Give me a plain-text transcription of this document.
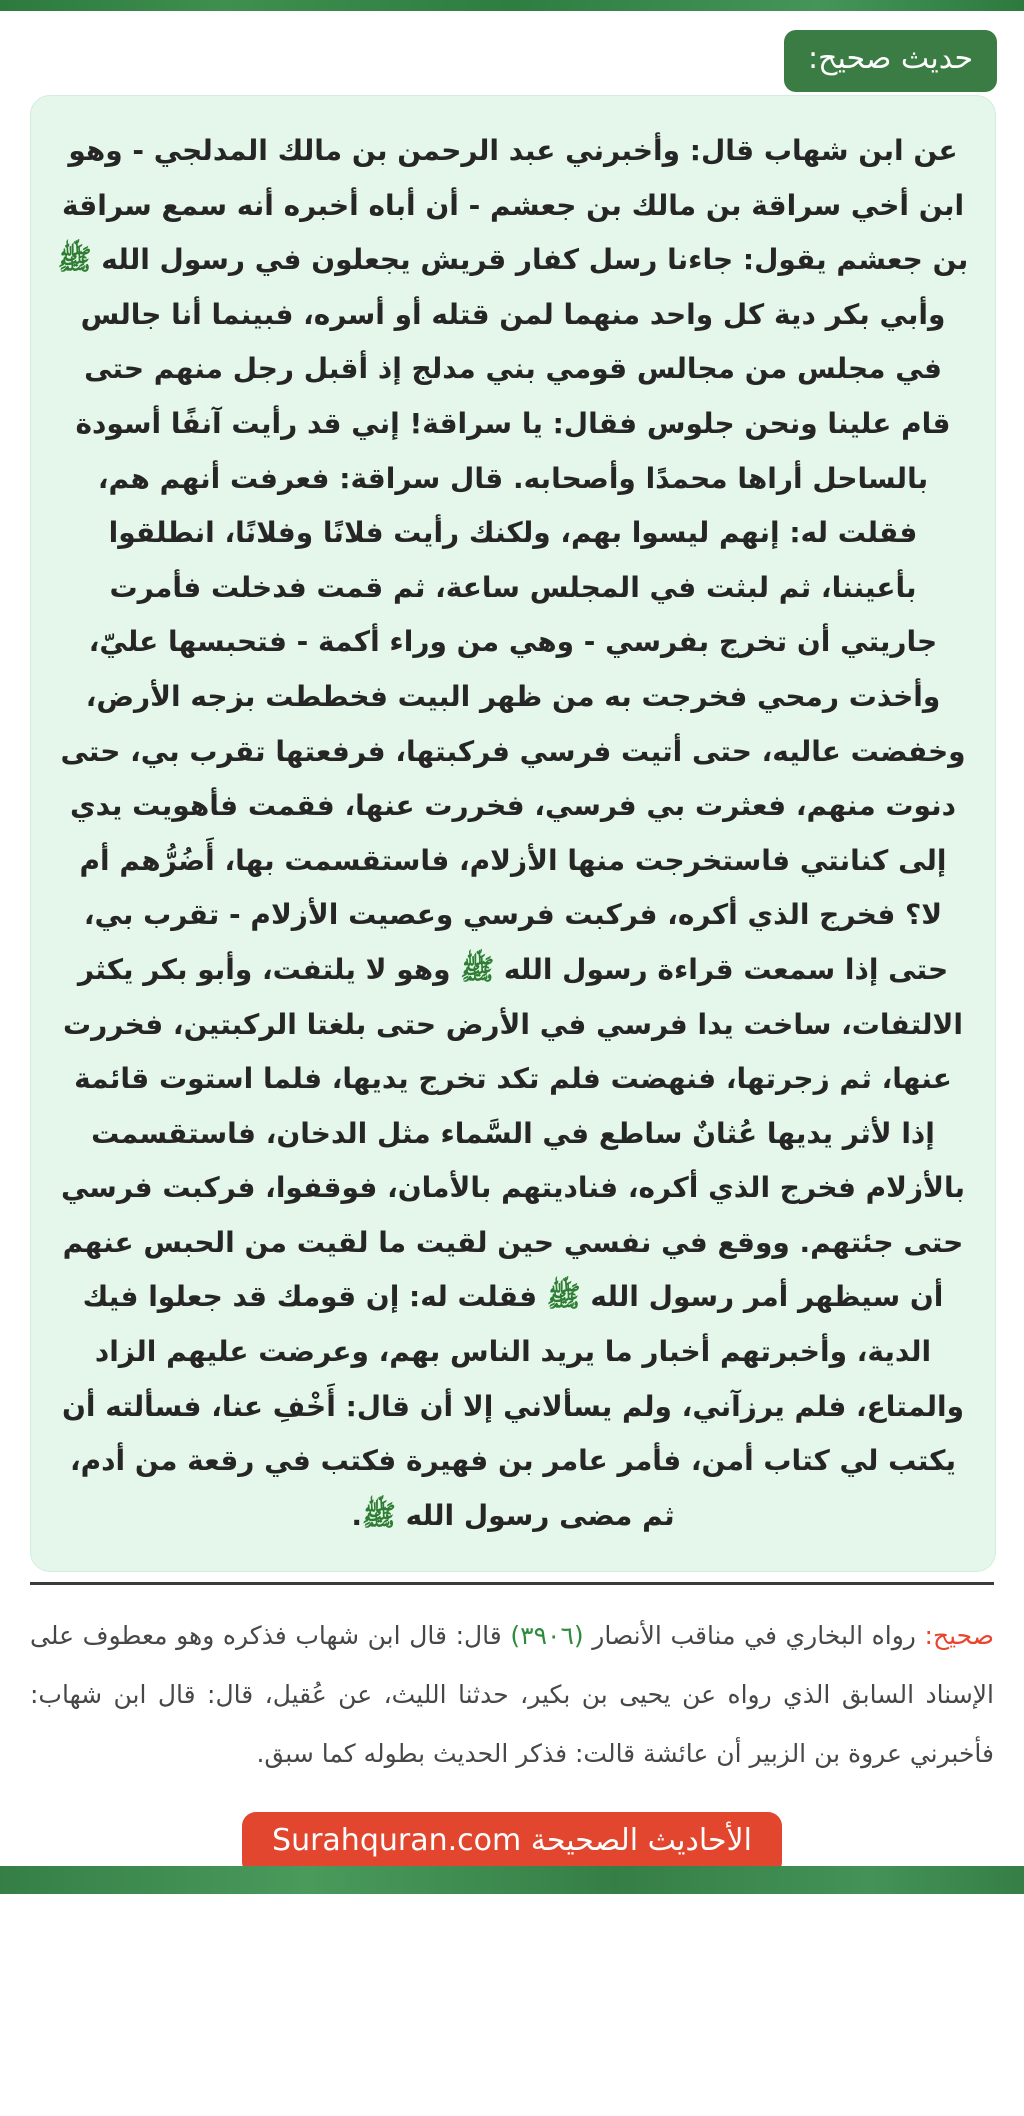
حديث صحيح:

عن ابن شهاب قال: وأخبرني عبد الرحمن بن مالك المدلجي - وهو ابن أخي سراقة بن مالك بن جعشم - أن أباه أخبره أنه سمع سراقة بن جعشم يقول: جاءنا رسل كفار قريش يجعلون في رسول الله ﷺ وأبي بكر دية كل واحد منهما لمن قتله أو أسره، فبينما أنا جالس في مجلس من مجالس قومي بني مدلج إذ أقبل رجل منهم حتى قام علينا ونحن جلوس فقال: يا سراقة! إني قد رأيت آنفًا أسودة بالساحل أراها محمدًا وأصحابه. قال سراقة: فعرفت أنهم هم، فقلت له: إنهم ليسوا بهم، ولكنك رأيت فلانًا وفلانًا، انطلقوا بأعيننا، ثم لبثت في المجلس ساعة، ثم قمت فدخلت فأمرت جاريتي أن تخرج بفرسي - وهي من وراء أكمة - فتحبسها عليّ، وأخذت رمحي فخرجت به من ظهر البيت فخططت بزجه الأرض، وخفضت عاليه، حتى أتيت فرسي فركبتها، فرفعتها تقرب بي، حتى دنوت منهم، فعثرت بي فرسي، فخررت عنها، فقمت فأهويت يدي إلى كنانتي فاستخرجت منها الأزلام، فاستقسمت بها، أَضُرُّهم أم لا؟ فخرج الذي أكره، فركبت فرسي وعصيت الأزلام - تقرب بي، حتى إذا سمعت قراءة رسول الله ﷺ وهو لا يلتفت، وأبو بكر يكثر الالتفات، ساخت يدا فرسي في الأرض حتى بلغتا الركبتين، فخررت عنها، ثم زجرتها، فنهضت فلم تكد تخرج يديها، فلما استوت قائمة إذا لأثر يديها عُثانٌ ساطع في السَّماء مثل الدخان، فاستقسمت بالأزلام فخرج الذي أكره، فناديتهم بالأمان، فوقفوا، فركبت فرسي حتى جئتهم. ووقع في نفسي حين لقيت ما لقيت من الحبس عنهم أن سيظهر أمر رسول الله ﷺ فقلت له: إن قومك قد جعلوا فيك الدية، وأخبرتهم أخبار ما يريد الناس بهم، وعرضت عليهم الزاد والمتاع، فلم يرزآني، ولم يسألاني إلا أن قال: أَخْفِ عنا، فسألته أن يكتب لي كتاب أمن، فأمر عامر بن فهيرة فكتب في رقعة من أدم، ثم مضى رسول الله ﷺ.

صحيح: رواه البخاري في مناقب الأنصار (٣٩٠٦) قال: قال ابن شهاب فذكره وهو معطوف على الإسناد السابق الذي رواه عن يحيى بن بكير، حدثنا الليث، عن عُقيل، قال: قال ابن شهاب: فأخبرني عروة بن الزبير أن عائشة قالت: فذكر الحديث بطوله كما سبق.

الأحاديث الصحيحة Surahquran.com
